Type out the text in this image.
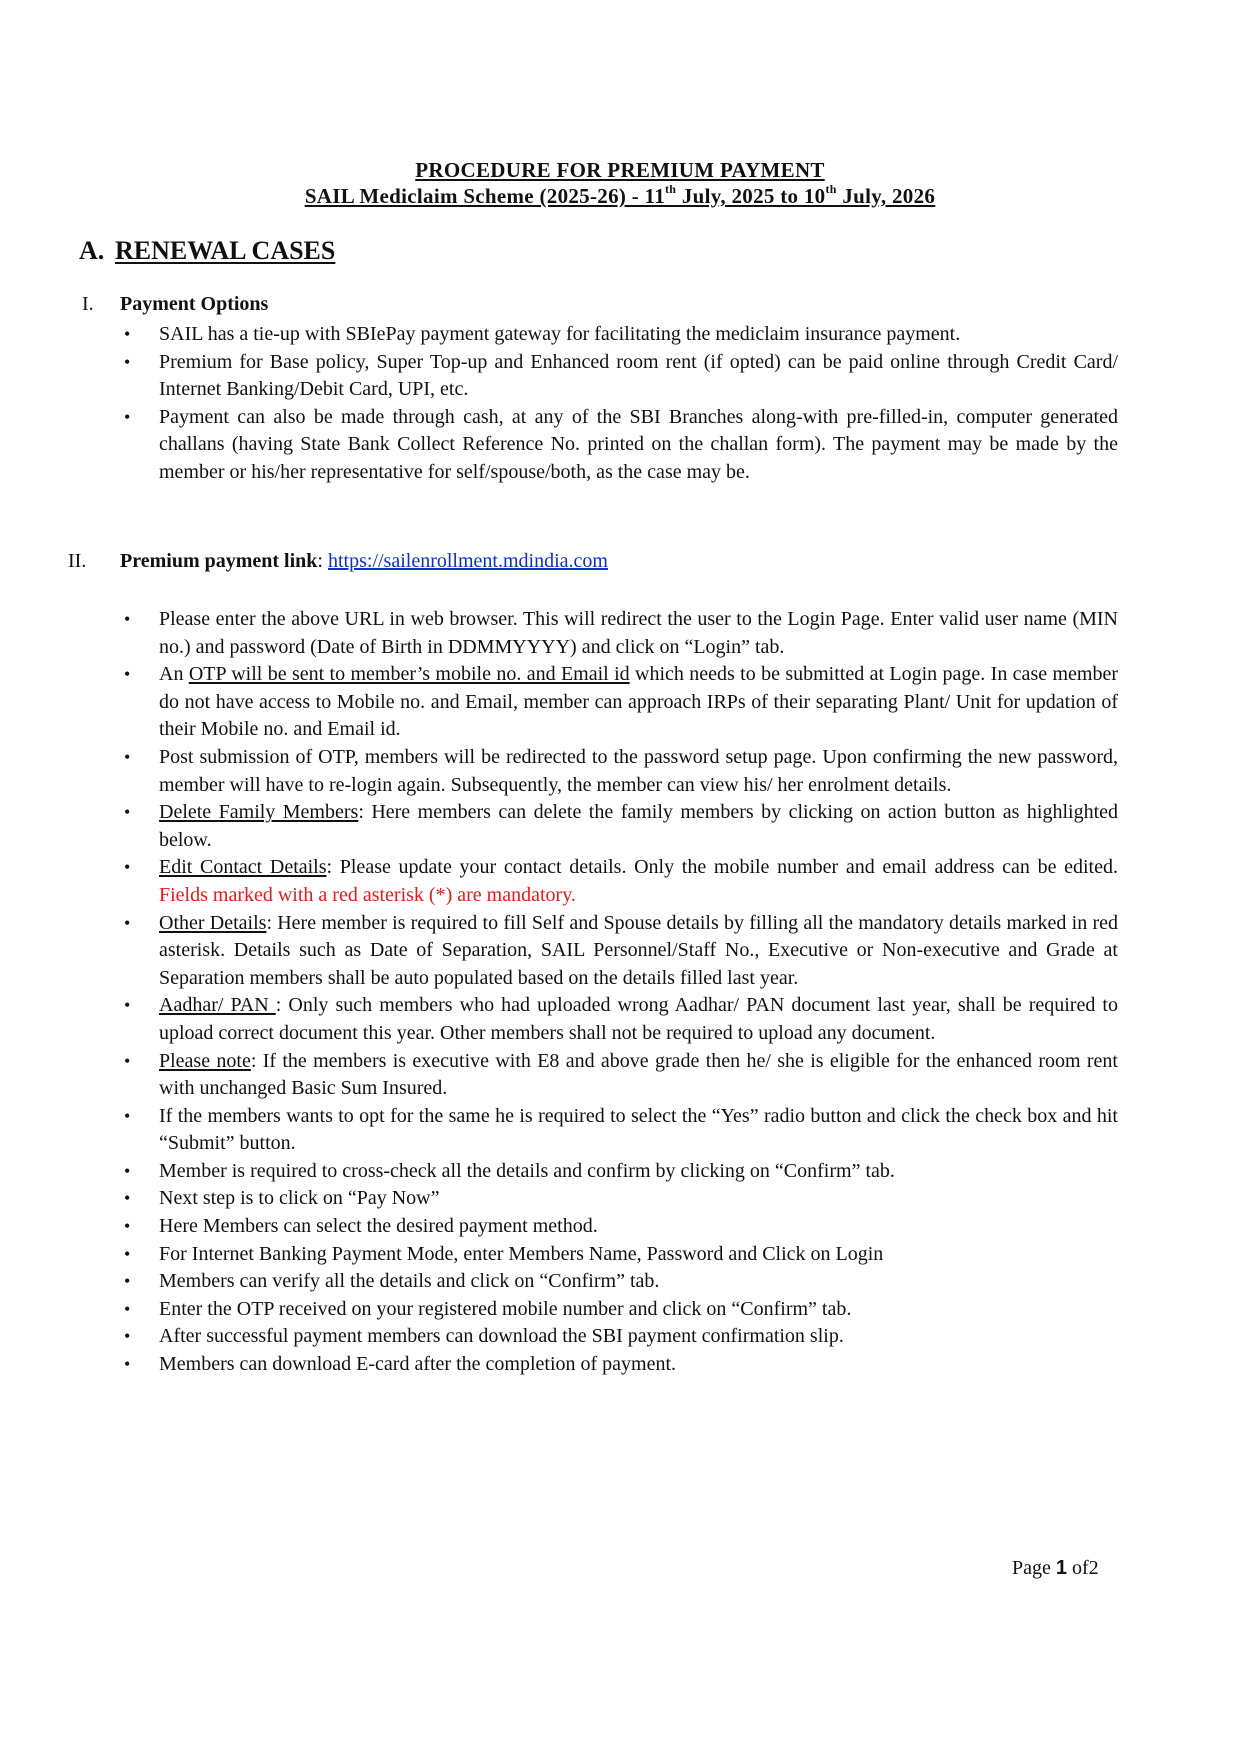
PROCEDURE FOR PREMIUM PAYMENT
SAIL Mediclaim Scheme (2025-26) - 11th July, 2025 to 10th July, 2026
A. RENEWAL CASES
I.	Payment Options
• SAIL has a tie-up with SBIePay payment gateway for facilitating the mediclaim insurance payment.
• Premium for Base policy, Super Top-up and Enhanced room rent (if opted) can be paid online through Credit Card/ Internet Banking/Debit Card, UPI, etc.
• Payment can also be made through cash, at any of the SBI Branches along-with pre-filled-in, computer generated challans (having State Bank Collect Reference No. printed on the challan form). The payment may be made by the member or his/her representative for self/spouse/both, as the case may be.
II.	Premium payment link: https://sailenrollment.mdindia.com
• Please enter the above URL in web browser. This will redirect the user to the Login Page. Enter valid user name (MIN no.) and password (Date of Birth in DDMMYYYY) and click on “Login” tab.
• An OTP will be sent to member’s mobile no. and Email id which needs to be submitted at Login page. In case member do not have access to Mobile no. and Email, member can approach IRPs of their separating Plant/ Unit for updation of their Mobile no. and Email id.
• Post submission of OTP, members will be redirected to the password setup page. Upon confirming the new password, member will have to re-login again. Subsequently, the member can view his/ her enrolment details.
• Delete Family Members: Here members can delete the family members by clicking on action button as highlighted below.
• Edit Contact Details: Please update your contact details. Only the mobile number and email address can be edited. Fields marked with a red asterisk (*) are mandatory.
• Other Details: Here member is required to fill Self and Spouse details by filling all the mandatory details marked in red asterisk. Details such as Date of Separation, SAIL Personnel/Staff No., Executive or Non-executive and Grade at Separation members shall be auto populated based on the details filled last year.
• Aadhar/ PAN : Only such members who had uploaded wrong Aadhar/ PAN document last year, shall be required to upload correct document this year. Other members shall not be required to upload any document.
• Please note: If the members is executive with E8 and above grade then he/ she is eligible for the enhanced room rent with unchanged Basic Sum Insured.
• If the members wants to opt for the same he is required to select the “Yes” radio button and click the check box and hit “Submit” button.
• Member is required to cross-check all the details and confirm by clicking on “Confirm” tab.
• Next step is to click on “Pay Now”
• Here Members can select the desired payment method.
• For Internet Banking Payment Mode, enter Members Name, Password and Click on Login
• Members can verify all the details and click on “Confirm” tab.
• Enter the OTP received on your registered mobile number and click on “Confirm” tab.
• After successful payment members can download the SBI payment confirmation slip.
• Members can download E-card after the completion of payment.
Page 1 of2
